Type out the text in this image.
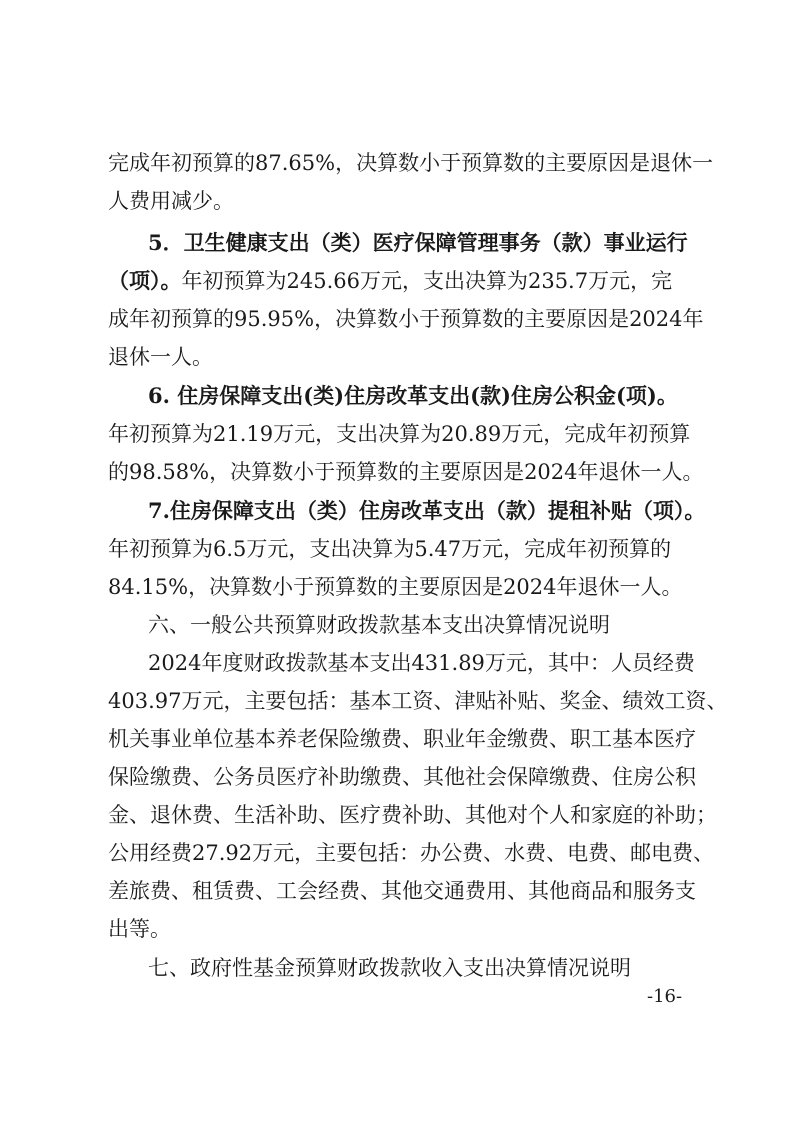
完成年初预算的87.65%，决算数小于预算数的主要原因是退休一
人费用减少。
5．卫生健康支出（类）医疗保障管理事务（款）事业运行
（项）。年初预算为245.66万元，支出决算为235.7万元，完
成年初预算的95.95%，决算数小于预算数的主要原因是2024年
退休一人。
6. 住房保障支出(类)住房改革支出(款)住房公积金(项)。
年初预算为21.19万元，支出决算为20.89万元，完成年初预算
的98.58%，决算数小于预算数的主要原因是2024年退休一人。
7.住房保障支出（类）住房改革支出（款）提租补贴（项）。
年初预算为6.5万元，支出决算为5.47万元，完成年初预算的
84.15%，决算数小于预算数的主要原因是2024年退休一人。
六、一般公共预算财政拨款基本支出决算情况说明
2024年度财政拨款基本支出431.89万元，其中：人员经费
403.97万元，主要包括：基本工资、津贴补贴、奖金、绩效工资、
机关事业单位基本养老保险缴费、职业年金缴费、职工基本医疗
保险缴费、公务员医疗补助缴费、其他社会保障缴费、住房公积
金、退休费、生活补助、医疗费补助、其他对个人和家庭的补助；
公用经费27.92万元，主要包括：办公费、水费、电费、邮电费、
差旅费、租赁费、工会经费、其他交通费用、其他商品和服务支
出等。
七、政府性基金预算财政拨款收入支出决算情况说明
-16-
